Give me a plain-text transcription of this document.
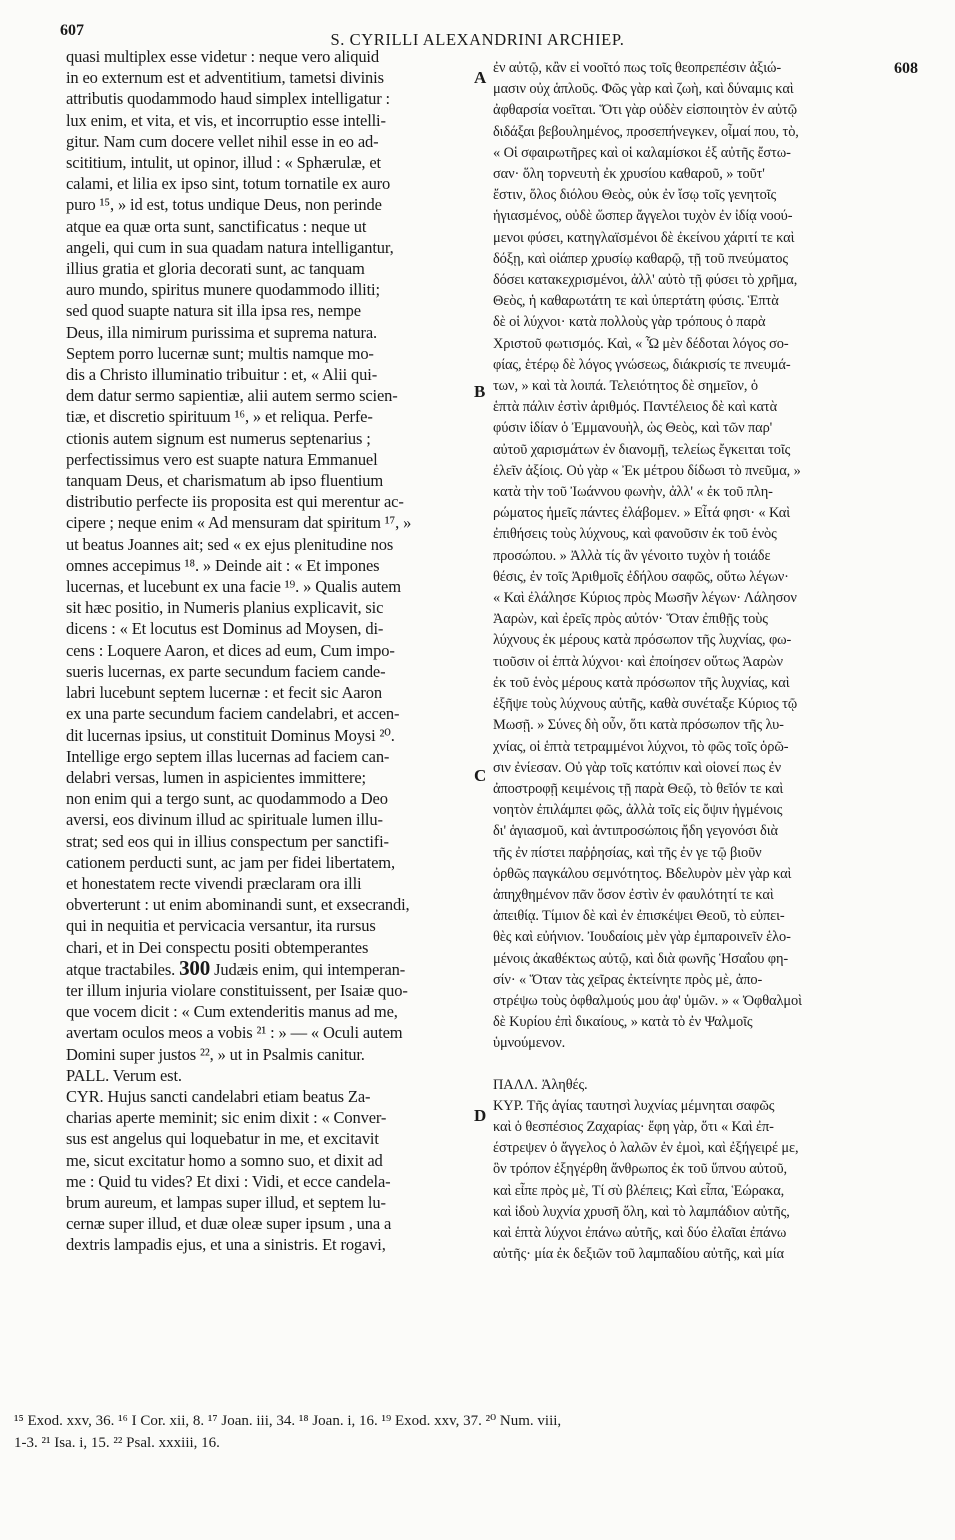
607	S. CYRILLI ALEXANDRINI ARCHIEP.
608
A
B
C
D
quasi multiplex esse videtur : neque vero aliquid
in eo externum est et adventitium, tametsi divinis
attributis quodammodo haud simplex intelligatur :
lux enim, et vita, et vis, et incorruptio esse intelli-
gitur. Nam cum docere vellet nihil esse in eo ad-
scititium, intulit, ut opinor, illud : « Sphærulæ, et
calami, et lilia ex ipso sint, totum tornatile ex auro
puro ¹⁵, » id est, totus undique Deus, non perinde
atque ea quæ orta sunt, sanctificatus : neque ut
angeli, qui cum in sua quadam natura intelligantur,
illius gratia et gloria decorati sunt, ac tanquam
auro mundo, spiritus munere quodammodo illiti;
sed quod suapte natura sit illa ipsa res, nempe
Deus, illa nimirum purissima et suprema natura.
Septem porro lucernæ sunt; multis namque mo-
dis a Christo illuminatio tribuitur : et, « Alii qui-
dem datur sermo sapientiæ, alii autem sermo scien-
tiæ, et discretio spirituum ¹⁶, » et reliqua. Perfe-
ctionis autem signum est numerus septenarius ;
perfectissimus vero est suapte natura Emmanuel
tanquam Deus, et charismatum ab ipso fluentium
distributio perfecte iis proposita est qui merentur ac-
cipere ; neque enim « Ad mensuram dat spiritum ¹⁷, »
ut beatus Joannes ait; sed « ex ejus plenitudine nos
omnes accepimus ¹⁸. » Deinde ait : « Et impones
lucernas, et lucebunt ex una facie ¹⁹. » Qualis autem
sit hæc positio, in Numeris planius explicavit, sic
dicens : « Et locutus est Dominus ad Moysen, di-
cens : Loquere Aaron, et dices ad eum, Cum impo-
sueris lucernas, ex parte secundum faciem cande-
labri lucebunt septem lucernæ : et fecit sic Aaron
ex una parte secundum faciem candelabri, et accen-
dit lucernas ipsius, ut constituit Dominus Moysi ²⁰.
Intellige ergo septem illas lucernas ad faciem can-
delabri versas, lumen in aspicientes immittere;
non enim qui a tergo sunt, ac quodammodo a Deo
aversi, eos divinum illud ac spirituale lumen illu-
strat; sed eos qui in illius conspectum per sanctifi-
cationem perducti sunt, ac jam per fidei libertatem,
et honestatem recte vivendi præclaram ora illi
obverterunt : ut enim abominandi sunt, et exsecrandi,
qui in nequitia et pervicacia versantur, ita rursus
chari, et in Dei conspectu positi obtemperantes
atque tractabiles. 300 Judæis enim, qui intemperan-
ter illum injuria violare constituissent, per Isaiæ quo-
que vocem dicit : « Cum extenderitis manus ad me,
avertam oculos meos a vobis ²¹ : » — « Oculi autem
Domini super justos ²², » ut in Psalmis canitur.
PALL. Verum est.
CYR. Hujus sancti candelabri etiam beatus Za-
charias aperte meminit; sic enim dixit : « Conver-
sus est angelus qui loquebatur in me, et excitavit
me, sicut excitatur homo a somno suo, et dixit ad
me : Quid tu vides? Et dixi : Vidi, et ecce candela-
brum aureum, et lampas super illud, et septem lu-
cernæ super illud, et duæ oleæ super ipsum , una a
dextris lampadis ejus, et una a sinistris. Et rogavi,
ἐν αὐτῷ, κἂν εἰ νοοῖτό πως τοῖς θεοπρεπέσιν ἀξιώ-
μασιν οὐχ ἁπλοῦς. Φῶς γὰρ καὶ ζωὴ, καὶ δύναμις καὶ
ἀφθαρσία νοεῖται. Ὅτι γὰρ οὐδὲν εἰσποιητὸν ἐν αὐτῷ
διδάξαι βεβουλημένος, προσεπήνεγκεν, οἶμαί που, τὸ,
« Οἱ σφαιρωτῆρες καὶ οἱ καλαμίσκοι ἐξ αὐτῆς ἔστω-
σαν· ὅλη τορνευτὴ ἐκ χρυσίου καθαροῦ, » τοῦτ'
ἔστιν, ὅλος διόλου Θεὸς, οὐκ ἐν ἴσῳ τοῖς γενητοῖς
ἡγιασμένος, οὐδὲ ὥσπερ ἄγγελοι τυχὸν ἐν ἰδίᾳ νοού-
μενοι φύσει, κατηγλαϊσμένοι δὲ ἐκείνου χάριτί τε καὶ
δόξῃ, καὶ οἱάπερ χρυσίῳ καθαρῷ, τῇ τοῦ πνεύματος
δόσει κατακεχρισμένοι, ἀλλ' αὐτὸ τῇ φύσει τὸ χρῆμα,
Θεὸς, ἡ καθαρωτάτη τε καὶ ὑπερτάτη φύσις. Ἑπτὰ
δὲ οἱ λύχνοι· κατὰ πολλοὺς γὰρ τρόπους ὁ παρὰ
Χριστοῦ φωτισμός. Καὶ, « Ὧ μὲν δέδοται λόγος σο-
φίας, ἑτέρῳ δὲ λόγος γνώσεως, διάκρισίς τε πνευμά-
των, » καὶ τὰ λοιπά. Τελειότητος δὲ σημεῖον, ὁ
ἑπτὰ πάλιν ἐστὶν ἀριθμός. Παντέλειος δὲ καὶ κατὰ
φύσιν ἰδίαν ὁ Ἐμμανουὴλ, ὡς Θεὸς, καὶ τῶν παρ'
αὐτοῦ χαρισμάτων ἐν διανομῇ, τελείως ἔγκειται τοῖς
ἐλεῖν ἀξίοις. Οὐ γὰρ « Ἐκ μέτρου δίδωσι τὸ πνεῦμα, »
κατὰ τὴν τοῦ Ἰωάννου φωνὴν, ἀλλ' « ἐκ τοῦ πλη-
ρώματος ἡμεῖς πάντες ἐλάβομεν. » Εἶτά φησι· « Καὶ
ἐπιθήσεις τοὺς λύχνους, καὶ φανοῦσιν ἐκ τοῦ ἑνὸς
προσώπου. » Ἀλλὰ τίς ἂν γένοιτο τυχὸν ἡ τοιάδε
θέσις, ἐν τοῖς Ἀριθμοῖς ἐδήλου σαφῶς, οὕτω λέγων·
« Καὶ ἐλάλησε Κύριος πρὸς Μωσῆν λέγων· Λάλησον
Ἀαρὼν, καὶ ἐρεῖς πρὸς αὐτόν· Ὅταν ἐπιθῇς τοὺς
λύχνους ἐκ μέρους κατὰ πρόσωπον τῆς λυχνίας, φω-
τιοῦσιν οἱ ἑπτὰ λύχνοι· καὶ ἐποίησεν οὕτως Ἀαρὼν
ἐκ τοῦ ἑνὸς μέρους κατὰ πρόσωπον τῆς λυχνίας, καὶ
ἐξῆψε τοὺς λύχνους αὐτῆς, καθὰ συνέταξε Κύριος τῷ
Μωσῇ. » Σύνες δὴ οὖν, ὅτι κατὰ πρόσωπον τῆς λυ-
χνίας, οἱ ἑπτὰ τετραμμένοι λύχνοι, τὸ φῶς τοῖς ὁρῶ-
σιν ἐνίεσαν. Οὐ γὰρ τοῖς κατόπιν καὶ οἱονεί πως ἐν
ἀποστροφῇ κειμένοις τῇ παρὰ Θεῷ, τὸ θεῖόν τε καὶ
νοητὸν ἐπιλάμπει φῶς, ἀλλὰ τοῖς εἰς ὄψιν ἠγμένοις
δι' ἁγιασμοῦ, καὶ ἀντιπροσώποις ἤδη γεγονόσι διὰ
τῆς ἐν πίστει παῤῥησίας, καὶ τῆς ἐν γε τῷ βιοῦν
ὀρθῶς παγκάλου σεμνότητος. Βδελυρὸν μὲν γὰρ καὶ
ἀπηχθημένον πᾶν ὅσον ἐστὶν ἐν φαυλότητί τε καὶ
ἀπειθίᾳ. Τίμιον δὲ καὶ ἐν ἐπισκέψει Θεοῦ, τὸ εὐπει-
θὲς καὶ εὐήνιον. Ἰουδαίοις μὲν γὰρ ἐμπαροινεῖν ἑλο-
μένοις ἀκαθέκτως αὐτῷ, καὶ διὰ φωνῆς Ἡσαΐου φη-
σίν· « Ὅταν τὰς χεῖρας ἐκτείνητε πρὸς μὲ, ἀπο-
στρέψω τοὺς ὀφθαλμούς μου ἀφ' ὑμῶν. » « Ὀφθαλμοὶ
δὲ Κυρίου ἐπὶ δικαίους, » κατὰ τὸ ἐν Ψαλμοῖς
ὑμνούμενον.
ΠΑΛΛ. Ἀληθές.
ΚΥΡ. Τῆς ἁγίας ταυτησὶ λυχνίας μέμνηται σαφῶς
καὶ ὁ θεσπέσιος Ζαχαρίας· ἔφη γὰρ, ὅτι « Καὶ ἐπ-
έστρεψεν ὁ ἄγγελος ὁ λαλῶν ἐν ἐμοὶ, καὶ ἐξήγειρέ με,
ὃν τρόπον ἐξηγέρθη ἄνθρωπος ἐκ τοῦ ὕπνου αὐτοῦ,
καὶ εἶπε πρὸς μὲ, Τί σὺ βλέπεις; Καὶ εἶπα, Ἑώρακα,
καὶ ἰδοὺ λυχνία χρυσῆ ὅλη, καὶ τὸ λαμπάδιον αὐτῆς,
καὶ ἑπτὰ λύχνοι ἐπάνω αὐτῆς, καὶ δύο ἐλαῖαι ἐπάνω
αὐτῆς· μία ἐκ δεξιῶν τοῦ λαμπαδίου αὐτῆς, καὶ μία
¹⁵ Exod. xxv, 36. ¹⁶ I Cor. xii, 8. ¹⁷ Joan. iii, 34. ¹⁸ Joan. i, 16. ¹⁹ Exod. xxv, 37. ²⁰ Num. viii,
1-3. ²¹ Isa. i, 15. ²² Psal. xxxiii, 16.
